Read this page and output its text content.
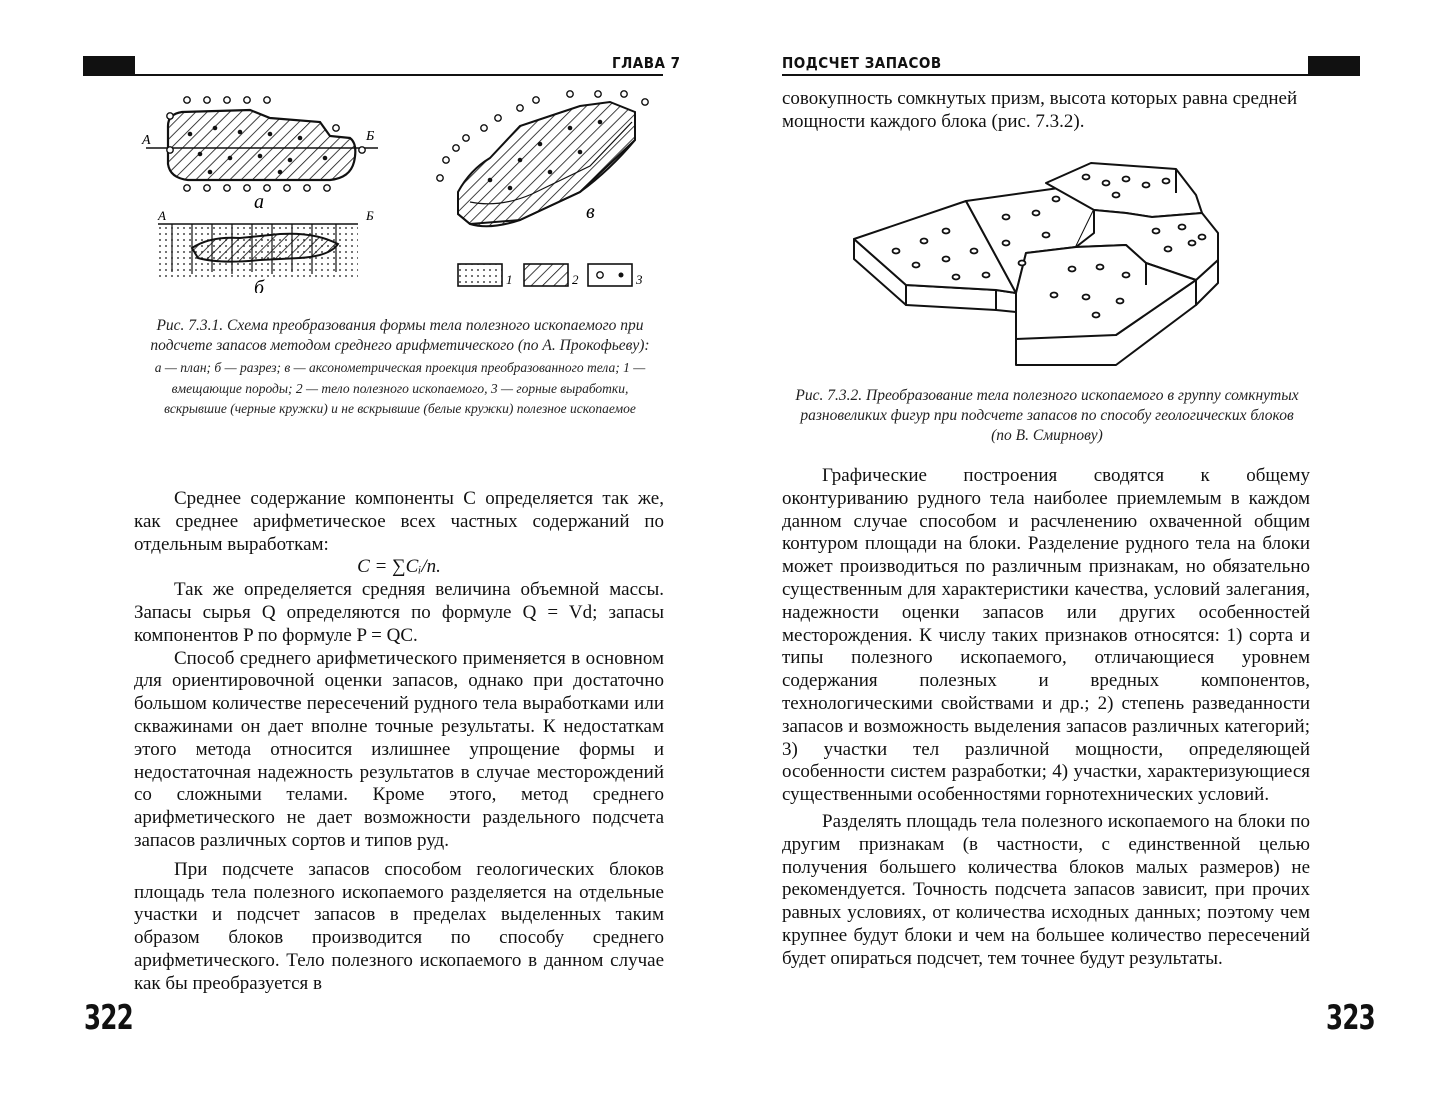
ГЛАВА 7
А	Б
а
А	Б
б
в
1	2	3
Рис. 7.3.1. Схема преобразования формы тела полезного ископаемого при подсчете запасов методом среднего арифметического (по А. Прокофьеву):
а — план; б — разрез; в — аксонометрическая проекция преобразованного тела; 1 — вмещающие породы; 2 — тело полезного ископаемого, 3 — горные выработки, вскрывшие (черные кружки) и не вскрывшие (белые кружки) полезное ископаемое

Среднее содержание компоненты C определяется так же, как среднее арифметическое всех частных содержаний по отдельным выработкам:

C = ∑Cᵢ/n.

Так же определяется средняя величина объемной массы. Запасы сырья Q определяются по формуле Q = Vd; запасы компонентов P по формуле P = QC.

Способ среднего арифметического применяется в основном для ориентировочной оценки запасов, однако при достаточно большом количестве пересечений рудного тела выработками или скважинами он дает вполне точные результаты. К недостаткам этого метода относится излишнее упрощение формы и недостаточная надежность результатов в случае месторождений со сложными телами. Кроме этого, метод среднего арифметического не дает возможности раздельного подсчета запасов различных сортов и типов руд.

При подсчете запасов способом геологических блоков площадь тела полезного ископаемого разделяется на отдельные участки и подсчет запасов в пределах выделенных таким образом блоков производится по способу среднего арифметического. Тело полезного ископаемого в данном случае как бы преобразуется в

322
ПОДСЧЕТ ЗАПАСОВ

совокупность сомкнутых призм, высота которых равна средней мощности каждого блока (рис. 7.3.2).

Рис. 7.3.2. Преобразование тела полезного ископаемого в группу сомкнутых разновеликих фигур при подсчете запасов по способу геологических блоков (по В. Смирнову)

Графические построения сводятся к общему оконтуриванию рудного тела наиболее приемлемым в каждом данном случае способом и расчленению охваченной общим контуром площади на блоки. Разделение рудного тела на блоки может производиться по различным признакам, но обязательно существенным для характеристики качества, условий залегания, надежности оценки запасов или других особенностей месторождения. К числу таких признаков относятся: 1) сорта и типы полезного ископаемого, отличающиеся уровнем содержания полезных и вредных компонентов, технологическими свойствами и др.; 2) степень разведанности запасов и возможность выделения запасов различных категорий; 3) участки тел различной мощности, определяющей особенности систем разработки; 4) участки, характеризующиеся существенными особенностями горнотехнических условий.

Разделять площадь тела полезного ископаемого на блоки по другим признакам (в частности, с единственной целью получения большего количества блоков малых размеров) не рекомендуется. Точность подсчета запасов зависит, при прочих равных условиях, от количества исходных данных; поэтому чем крупнее будут блоки и чем на большее количество пересечений будет опираться подсчет, тем точнее будут результаты.

323
